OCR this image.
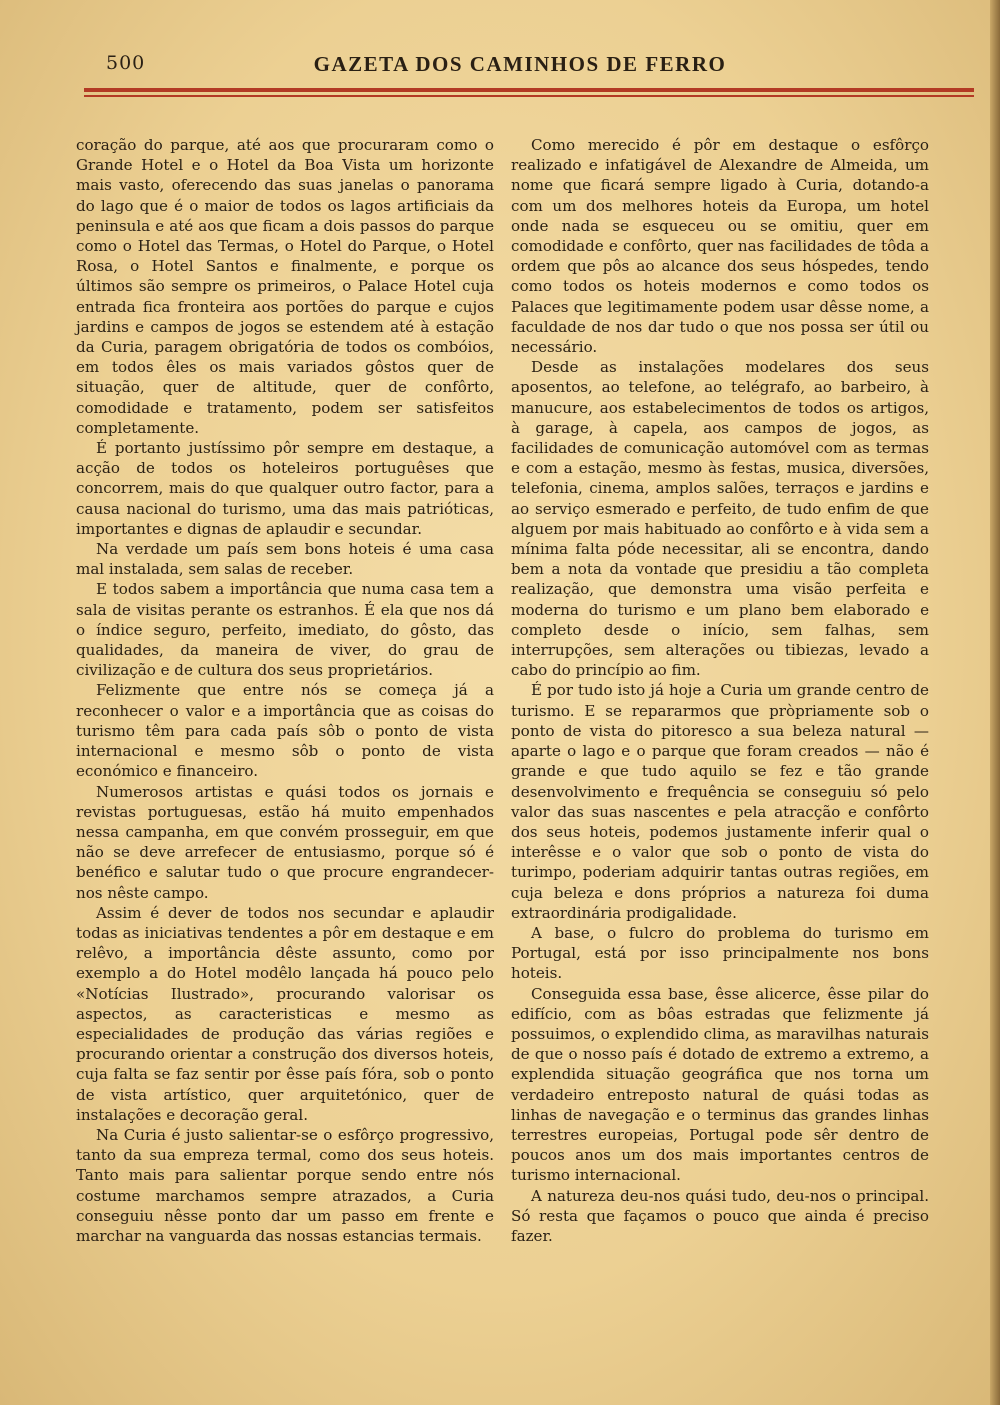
500	GAZETA DOS CAMINHOS DE FERRO

coração do parque, até aos que procuraram como o Grande Hotel e o Hotel da Boa Vista um horizonte mais vasto, oferecendo das suas janelas o panorama do lago que é o maior de todos os lagos artificiais da peninsula e até aos que ficam a dois passos do parque como o Hotel das Termas, o Hotel do Parque, o Hotel Rosa, o Hotel Santos e finalmente, e porque os últimos são sempre os primeiros, o Palace Hotel cuja entrada fica fronteira aos portões do parque e cujos jardins e campos de jogos se estendem até à estação da Curia, paragem obrigatória de todos os combóios, em todos êles os mais variados gôstos quer de situação, quer de altitude, quer de confôrto, comodidade e tratamento, podem ser satisfeitos completamente.

É portanto justíssimo pôr sempre em destaque, a acção de todos os hoteleiros portuguêses que concorrem, mais do que qualquer outro factor, para a causa nacional do turismo, uma das mais patrióticas, importantes e dignas de aplaudir e secundar.

Na verdade um país sem bons hoteis é uma casa mal instalada, sem salas de receber.

E todos sabem a importância que numa casa tem a sala de visitas perante os estranhos. É ela que nos dá o índice seguro, perfeito, imediato, do gôsto, das qualidades, da maneira de viver, do grau de civilização e de cultura dos seus proprietários.

Felizmente que entre nós se começa já a reconhecer o valor e a importância que as coisas do turismo têm para cada país sôb o ponto de vista internacional e mesmo sôb o ponto de vista económico e financeiro.

Numerosos artistas e quási todos os jornais e revistas portuguesas, estão há muito empenhados nessa campanha, em que convém prosseguir, em que não se deve arrefecer de entusiasmo, porque só é benéfico e salutar tudo o que procure engrandecer-nos nêste campo.

Assim é dever de todos nos secundar e aplaudir todas as iniciativas tendentes a pôr em destaque e em relêvo, a importância dêste assunto, como por exemplo a do Hotel modêlo lançada há pouco pelo «Notícias Ilustrado», procurando valorisar os aspectos, as caracteristicas e mesmo as especialidades de produção das várias regiões e procurando orientar a construção dos diversos hoteis, cuja falta se faz sentir por êsse país fóra, sob o ponto de vista artístico, quer arquitetónico, quer de instalações e decoração geral.

Na Curia é justo salientar-se o esfôrço progressivo, tanto da sua empreza termal, como dos seus hoteis. Tanto mais para salientar porque sendo entre nós costume marchamos sempre atrazados, a Curia conseguiu nêsse ponto dar um passo em frente e marchar na vanguarda das nossas estancias termais.

Como merecido é pôr em destaque o esfôrço realizado e infatigável de Alexandre de Almeida, um nome que ficará sempre ligado à Curia, dotando-a com um dos melhores hoteis da Europa, um hotel onde nada se esqueceu ou se omitiu, quer em comodidade e confôrto, quer nas facilidades de tôda a ordem que pôs ao alcance dos seus hóspedes, tendo como todos os hoteis modernos e como todos os Palaces que legitimamente podem usar dêsse nome, a faculdade de nos dar tudo o que nos possa ser útil ou necessário.

Desde as instalações modelares dos seus aposentos, ao telefone, ao telégrafo, ao barbeiro, à manucure, aos estabelecimentos de todos os artigos, à garage, à capela, aos campos de jogos, as facilidades de comunicação automóvel com as termas e com a estação, mesmo às festas, musica, diversões, telefonia, cinema, amplos salões, terraços e jardins e ao serviço esmerado e perfeito, de tudo enfim de que alguem por mais habituado ao confôrto e à vida sem a mínima falta póde necessitar, ali se encontra, dando bem a nota da vontade que presidiu a tão completa realização, que demonstra uma visão perfeita e moderna do turismo e um plano bem elaborado e completo desde o início, sem falhas, sem interrupções, sem alterações ou tibiezas, levado a cabo do princípio ao fim.

É por tudo isto já hoje a Curia um grande centro de turismo. E se repararmos que pròpriamente sob o ponto de vista do pitoresco a sua beleza natural — aparte o lago e o parque que foram creados — não é grande e que tudo aquilo se fez e tão grande desenvolvimento e frequência se conseguiu só pelo valor das suas nascentes e pela atracção e confôrto dos seus hoteis, podemos justamente inferir qual o interêsse e o valor que sob o ponto de vista do turimpo, poderiam adquirir tantas outras regiões, em cuja beleza e dons próprios a natureza foi duma extraordinária prodigalidade.

A base, o fulcro do problema do turismo em Portugal, está por isso principalmente nos bons hoteis.

Conseguida essa base, êsse alicerce, êsse pilar do edifício, com as bôas estradas que felizmente já possuimos, o explendido clima, as maravilhas naturais de que o nosso país é dotado de extremo a extremo, a explendida situação geográfica que nos torna um verdadeiro entreposto natural de quási todas as linhas de navegação e o terminus das grandes linhas terrestres europeias, Portugal pode sêr dentro de poucos anos um dos mais importantes centros de turismo internacional.

A natureza deu-nos quási tudo, deu-nos o principal. Só resta que façamos o pouco que ainda é preciso fazer.
